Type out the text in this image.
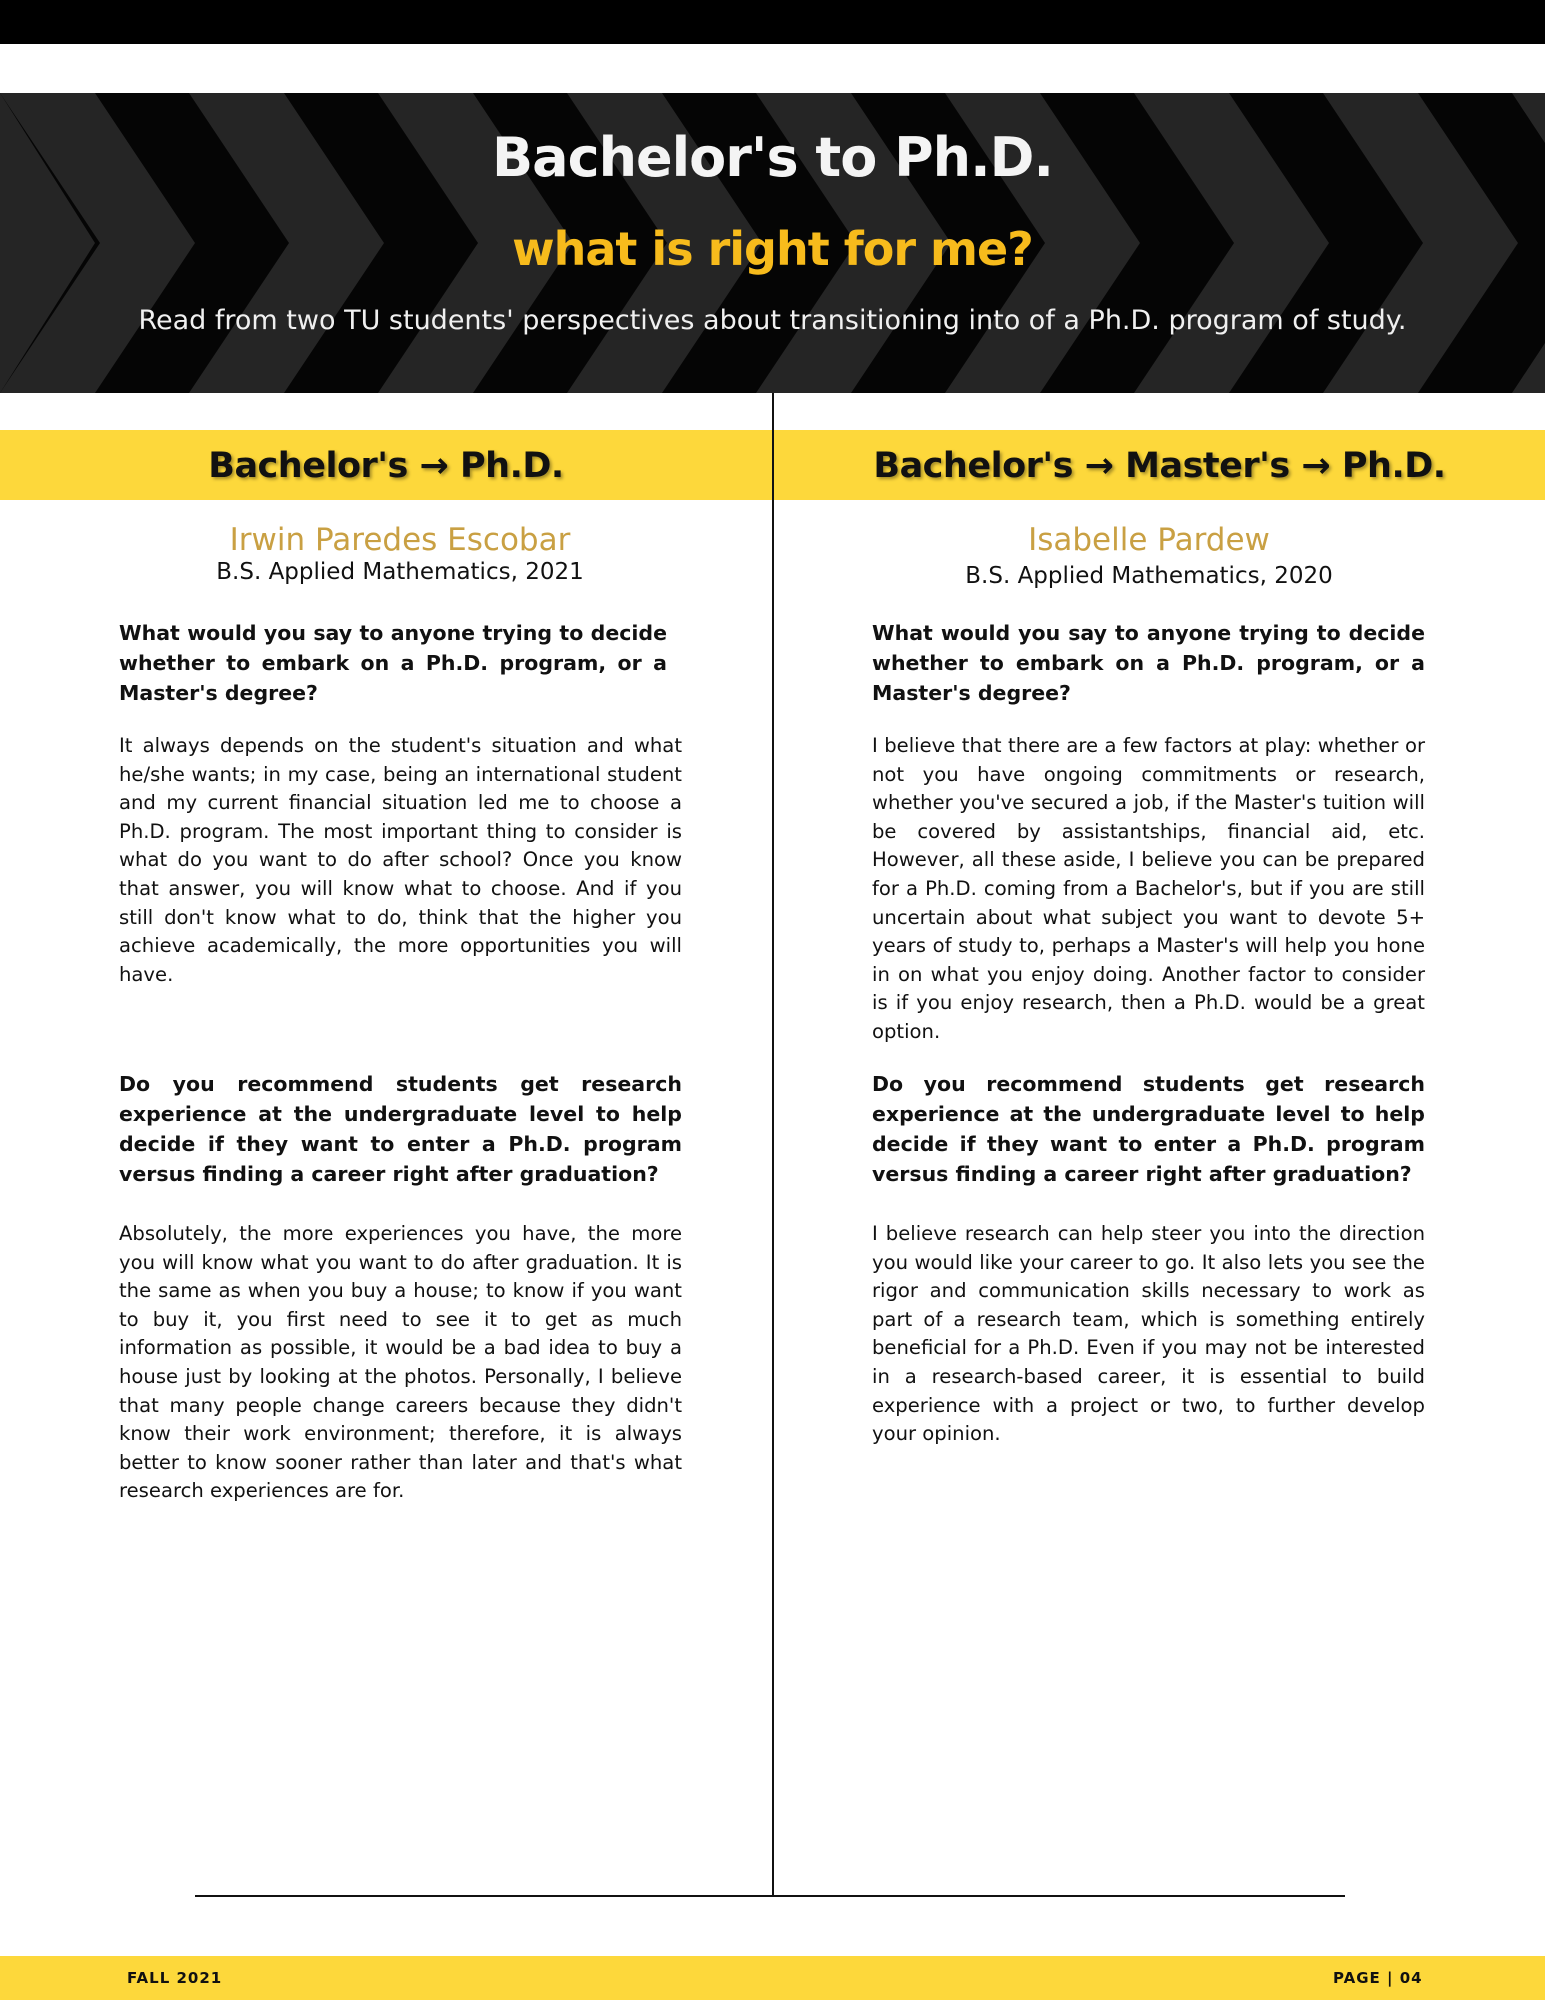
Bachelor's to Ph.D.
what is right for me?
Read from two TU students' perspectives about transitioning into of a Ph.D. program of study.
Bachelor's → Ph.D.	Bachelor's → Master's → Ph.D.
Irwin Paredes Escobar
B.S. Applied Mathematics, 2021

What would you say to anyone trying to decide whether to embark on a Ph.D. program, or a Master's degree?

It always depends on the student's situation and what he/she wants; in my case, being an international student and my current financial situation led me to choose a Ph.D. program. The most important thing to consider is what do you want to do after school? Once you know that answer, you will know what to choose. And if you still don't know what to do, think that the higher you achieve academically, the more opportunities you will have.

Do you recommend students get research experience at the undergraduate level to help decide if they want to enter a Ph.D. program versus finding a career right after graduation?

Absolutely, the more experiences you have, the more you will know what you want to do after graduation. It is the same as when you buy a house; to know if you want to buy it, you first need to see it to get as much information as possible, it would be a bad idea to buy a house just by looking at the photos. Personally, I believe that many people change careers because they didn't know their work environment; therefore, it is always better to know sooner rather than later and that's what research experiences are for.

Isabelle Pardew
B.S. Applied Mathematics, 2020

What would you say to anyone trying to decide whether to embark on a Ph.D. program, or a Master's degree?

I believe that there are a few factors at play: whether or not you have ongoing commitments or research, whether you've secured a job, if the Master's tuition will be covered by assistantships, financial aid, etc. However, all these aside, I believe you can be prepared for a Ph.D. coming from a Bachelor's, but if you are still uncertain about what subject you want to devote 5+ years of study to, perhaps a Master's will help you hone in on what you enjoy doing. Another factor to consider is if you enjoy research, then a Ph.D. would be a great option.

Do you recommend students get research experience at the undergraduate level to help decide if they want to enter a Ph.D. program versus finding a career right after graduation?

I believe research can help steer you into the direction you would like your career to go. It also lets you see the rigor and communication skills necessary to work as part of a research team, which is something entirely beneficial for a Ph.D. Even if you may not be interested in a research-based career, it is essential to build experience with a project or two, to further develop your opinion.

FALL 2021	PAGE | 04
